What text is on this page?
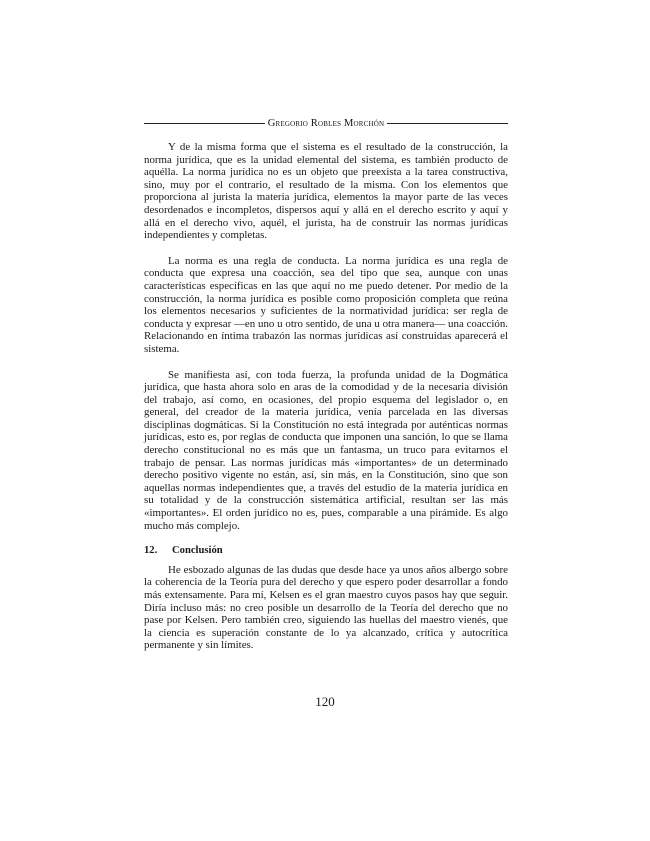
Gregorio Robles Morchón

Y de la misma forma que el sistema es el resultado de la construcción, la norma jurídica, que es la unidad elemental del sistema, es también producto de aquélla. La norma jurídica no es un objeto que preexista a la tarea constructiva, sino, muy por el contrario, el resultado de la misma. Con los elementos que proporciona al jurista la materia jurídica, elementos la mayor parte de las veces desordenados e incompletos, dispersos aquí y allá en el derecho escrito y aquí y allá en el derecho vivo, aquél, el jurista, ha de construir las normas jurídicas independientes y completas.

La norma es una regla de conducta. La norma jurídica es una regla de conducta que expresa una coacción, sea del tipo que sea, aunque con unas características específicas en las que aquí no me puedo detener. Por medio de la construcción, la norma jurídica es posible como proposición completa que reúna los elementos necesarios y suficientes de la normatividad jurídica: ser regla de conducta y expresar —en uno u otro sentido, de una u otra manera— una coacción. Relacionando en íntima trabazón las normas jurídicas así construidas aparecerá el sistema.

Se manifiesta así, con toda fuerza, la profunda unidad de la Dogmática jurídica, que hasta ahora solo en aras de la comodidad y de la necesaria división del trabajo, así como, en ocasiones, del propio esquema del legislador o, en general, del creador de la materia jurídica, venía parcelada en las diversas disciplinas dogmáticas. Si la Constitución no está integrada por auténticas normas jurídicas, esto es, por reglas de conducta que imponen una sanción, lo que se llama derecho constitucional no es más que un fantasma, un truco para evitarnos el trabajo de pensar. Las normas jurídicas más «importantes» de un determinado derecho positivo vigente no están, así, sin más, en la Constitución, sino que son aquellas normas independientes que, a través del estudio de la materia jurídica en su totalidad y de la construcción sistemática artificial, resultan ser las más «importantes». El orden jurídico no es, pues, comparable a una pirámide. Es algo mucho más complejo.

12.	Conclusión

He esbozado algunas de las dudas que desde hace ya unos años albergo sobre la coherencia de la Teoría pura del derecho y que espero poder desarrollar a fondo más extensamente. Para mí, Kelsen es el gran maestro cuyos pasos hay que seguir. Diría incluso más: no creo posible un desarrollo de la Teoría del derecho que no pase por Kelsen. Pero también creo, siguiendo las huellas del maestro vienés, que la ciencia es superación constante de lo ya alcanzado, crítica y autocrítica permanente y sin límites.

120
